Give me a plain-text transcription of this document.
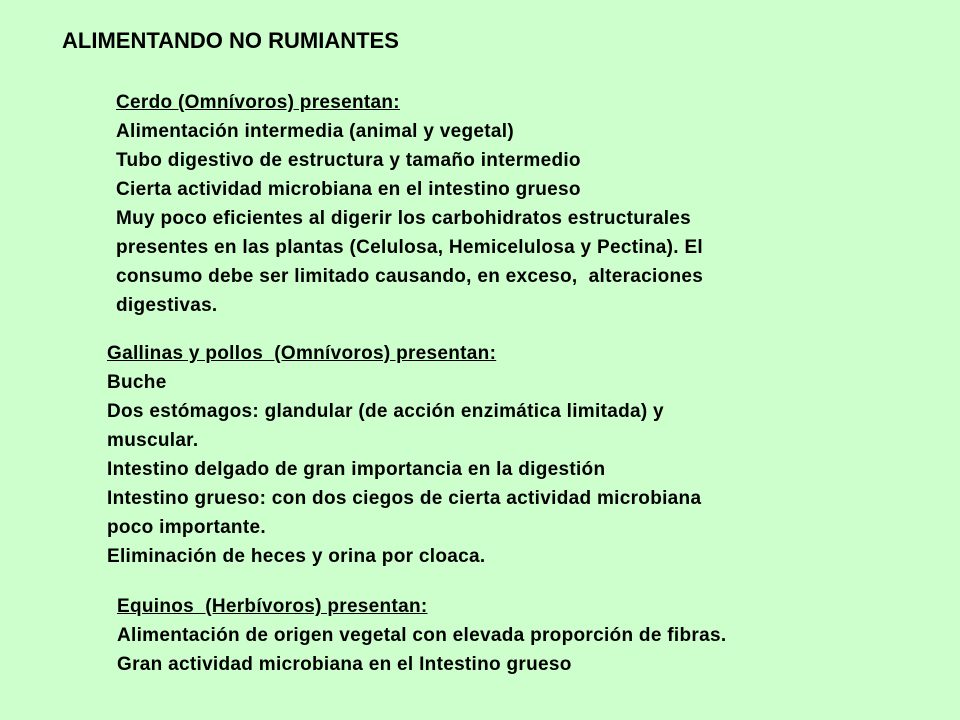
ALIMENTANDO NO RUMIANTES
Cerdo (Omnívoros) presentan:
Alimentación intermedia (animal y vegetal)
Tubo digestivo de estructura y tamaño intermedio
Cierta actividad microbiana en el intestino grueso
Muy poco eficientes al digerir los carbohidratos estructurales
presentes en las plantas (Celulosa, Hemicelulosa y Pectina). El
consumo debe ser limitado causando, en exceso,  alteraciones
digestivas.
Gallinas y pollos  (Omnívoros) presentan:
Buche
Dos estómagos: glandular (de acción enzimática limitada) y
muscular.
Intestino delgado de gran importancia en la digestión
Intestino grueso: con dos ciegos de cierta actividad microbiana
poco importante.
Eliminación de heces y orina por cloaca.
Equinos  (Herbívoros) presentan:
Alimentación de origen vegetal con elevada proporción de fibras.
Gran actividad microbiana en el Intestino grueso
